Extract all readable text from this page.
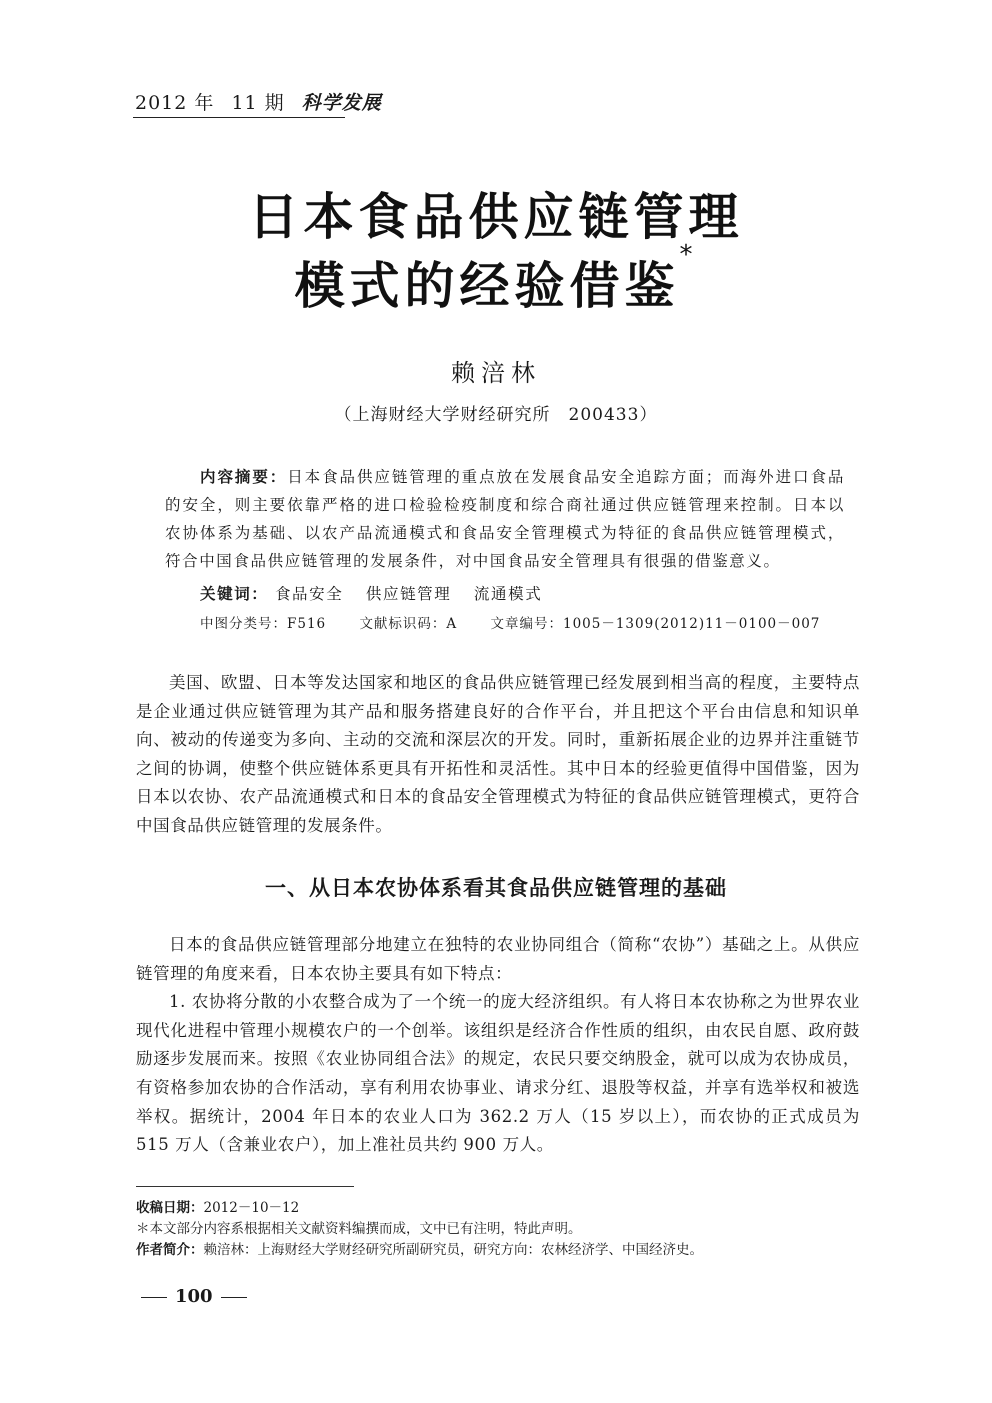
2012 年 11 期 科学发展
日本食品供应链管理
模式的经验借鉴*
赖涪林
（上海财经大学财经研究所　200433）
内容摘要：日本食品供应链管理的重点放在发展食品安全追踪方面；而海外进口食品的安全，则主要依靠严格的进口检验检疫制度和综合商社通过供应链管理来控制。日本以农协体系为基础、以农产品流通模式和食品安全管理模式为特征的食品供应链管理模式，符合中国食品供应链管理的发展条件，对中国食品安全管理具有很强的借鉴意义。
关键词： 食品安全 供应链管理 流通模式
中图分类号：F516 文献标识码：A 文章编号：1005－1309(2012)11－0100－007

美国、欧盟、日本等发达国家和地区的食品供应链管理已经发展到相当高的程度，主要特点是企业通过供应链管理为其产品和服务搭建良好的合作平台，并且把这个平台由信息和知识单向、被动的传递变为多向、主动的交流和深层次的开发。同时，重新拓展企业的边界并注重链节之间的协调，使整个供应链体系更具有开拓性和灵活性。其中日本的经验更值得中国借鉴，因为日本以农协、农产品流通模式和日本的食品安全管理模式为特征的食品供应链管理模式，更符合中国食品供应链管理的发展条件。

一、从日本农协体系看其食品供应链管理的基础

日本的食品供应链管理部分地建立在独特的农业协同组合（简称“农协”）基础之上。从供应链管理的角度来看，日本农协主要具有如下特点：

1. 农协将分散的小农整合成为了一个统一的庞大经济组织。有人将日本农协称之为世界农业现代化进程中管理小规模农户的一个创举。该组织是经济合作性质的组织，由农民自愿、政府鼓励逐步发展而来。按照《农业协同组合法》的规定，农民只要交纳股金，就可以成为农协成员，有资格参加农协的合作活动，享有利用农协事业、请求分红、退股等权益，并享有选举权和被选举权。据统计，2004 年日本的农业人口为 362.2 万人（15 岁以上），而农协的正式成员为 515 万人（含兼业农户），加上准社员共约 900 万人。

收稿日期：2012－10－12
＊本文部分内容系根据相关文献资料编撰而成，文中已有注明，特此声明。
作者简介：赖涪林：上海财经大学财经研究所副研究员，研究方向：农林经济学、中国经济史。
100
